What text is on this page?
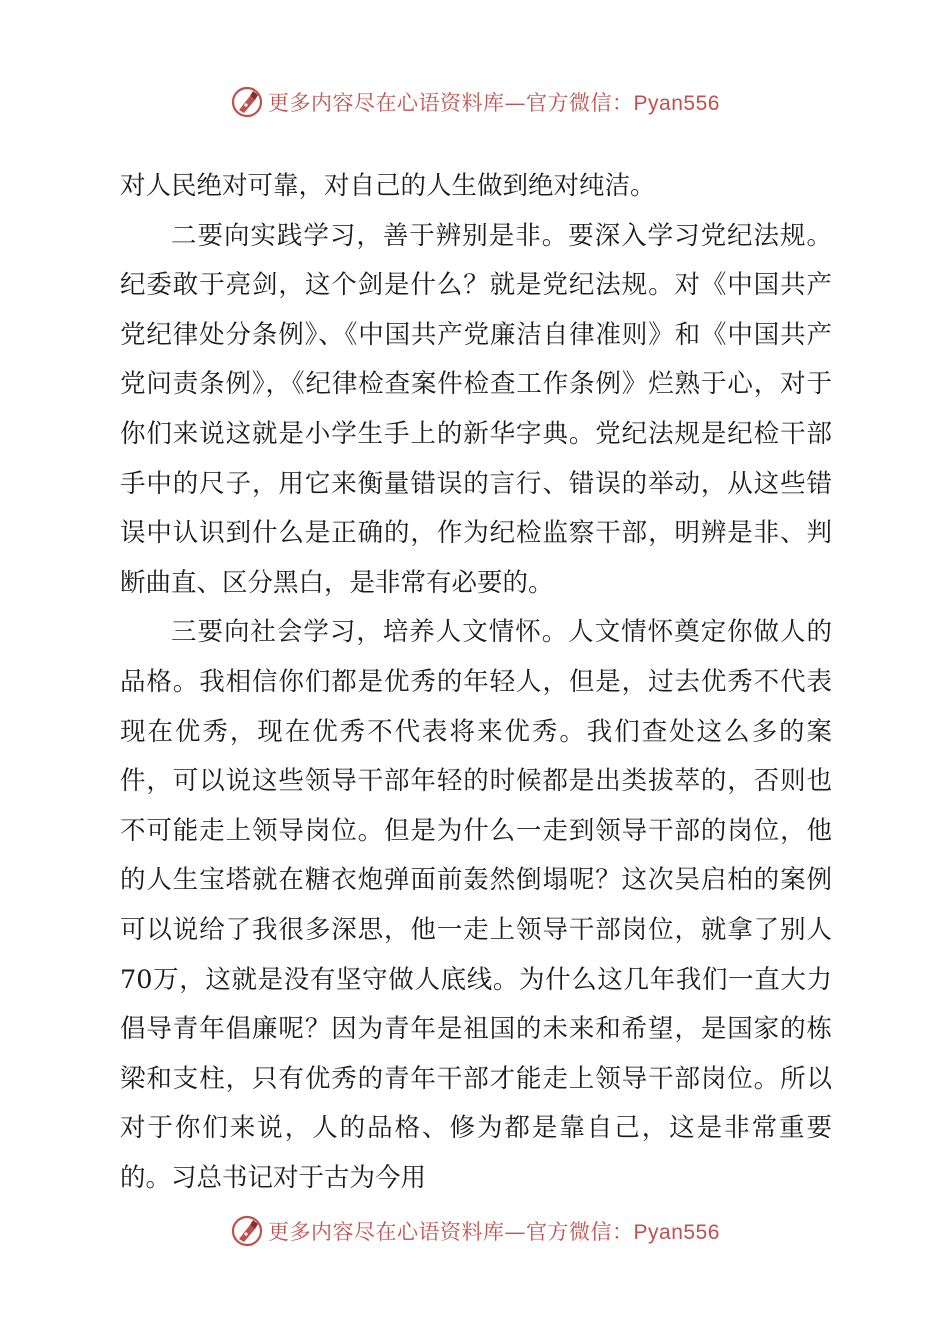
更多内容尽在心语资料库—官方微信：Pyan556

对人民绝对可靠，对自己的人生做到绝对纯洁。

二要向实践学习，善于辨别是非。要深入学习党纪法规。纪委敢于亮剑，这个剑是什么？就是党纪法规。对《中国共产党纪律处分条例》、《中国共产党廉洁自律准则》和《中国共产党问责条例》，《纪律检查案件检查工作条例》烂熟于心，对于你们来说这就是小学生手上的新华字典。党纪法规是纪检干部手中的尺子，用它来衡量错误的言行、错误的举动，从这些错误中认识到什么是正确的，作为纪检监察干部，明辨是非、判断曲直、区分黑白，是非常有必要的。

三要向社会学习，培养人文情怀。人文情怀奠定你做人的品格。我相信你们都是优秀的年轻人，但是，过去优秀不代表现在优秀，现在优秀不代表将来优秀。我们查处这么多的案件，可以说这些领导干部年轻的时候都是出类拔萃的，否则也不可能走上领导岗位。但是为什么一走到领导干部的岗位，他的人生宝塔就在糖衣炮弹面前轰然倒塌呢？这次吴启柏的案例可以说给了我很多深思，他一走上领导干部岗位，就拿了别人70万，这就是没有坚守做人底线。为什么这几年我们一直大力倡导青年倡廉呢？因为青年是祖国的未来和希望，是国家的栋梁和支柱，只有优秀的青年干部才能走上领导干部岗位。所以对于你们来说，人的品格、修为都是靠自己，这是非常重要的。习总书记对于古为今用

更多内容尽在心语资料库—官方微信：Pyan556
